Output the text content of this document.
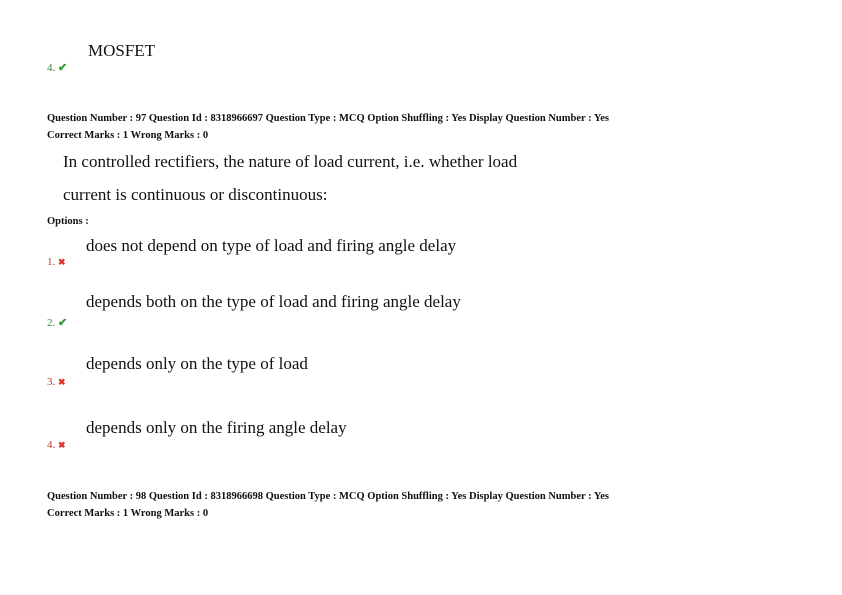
MOSFET
4. ✔
Question Number : 97 Question Id : 8318966697 Question Type : MCQ Option Shuffling : Yes Display Question Number : Yes
Correct Marks : 1 Wrong Marks : 0
In controlled rectifiers, the nature of load current, i.e. whether load
current is continuous or discontinuous:
Options :
does not depend on type of load and firing angle delay
1. ✖
depends both on the type of load and firing angle delay
2. ✔
depends only on the type of load
3. ✖
depends only on the firing angle delay
4. ✖
Question Number : 98 Question Id : 8318966698 Question Type : MCQ Option Shuffling : Yes Display Question Number : Yes
Correct Marks : 1 Wrong Marks : 0
